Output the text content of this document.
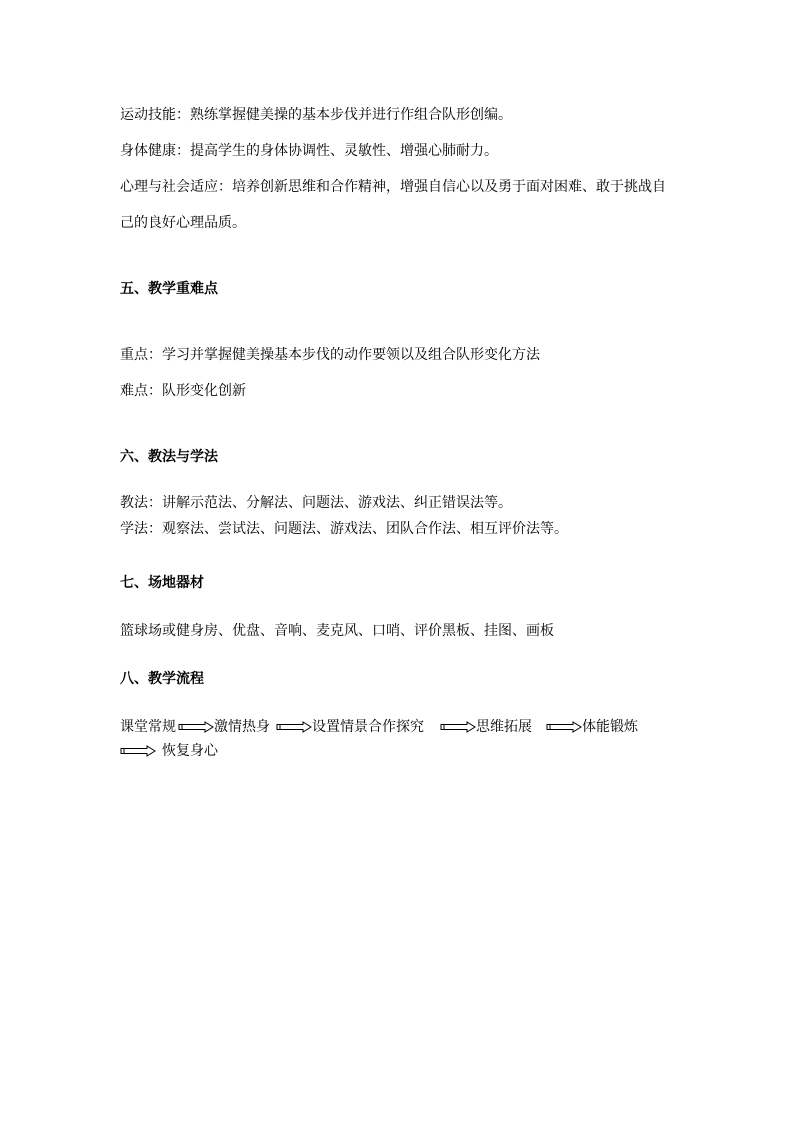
运动技能：熟练掌握健美操的基本步伐并进行作组合队形创编。
身体健康：提高学生的身体协调性、灵敏性、增强心肺耐力。
心理与社会适应：培养创新思维和合作精神，增强自信心以及勇于面对困难、敢于挑战自
己的良好心理品质。
五、教学重难点
重点：学习并掌握健美操基本步伐的动作要领以及组合队形变化方法
难点：队形变化创新
六、教法与学法
教法：讲解示范法、分解法、问题法、游戏法、纠正错误法等。
学法：观察法、尝试法、问题法、游戏法、团队合作法、相互评价法等。
七、场地器材
篮球场或健身房、优盘、音响、麦克风、口哨、评价黑板、挂图、画板
八、教学流程
课堂常规	激情热身	设置情景合作探究	思维拓展	体能锻炼
恢复身心
